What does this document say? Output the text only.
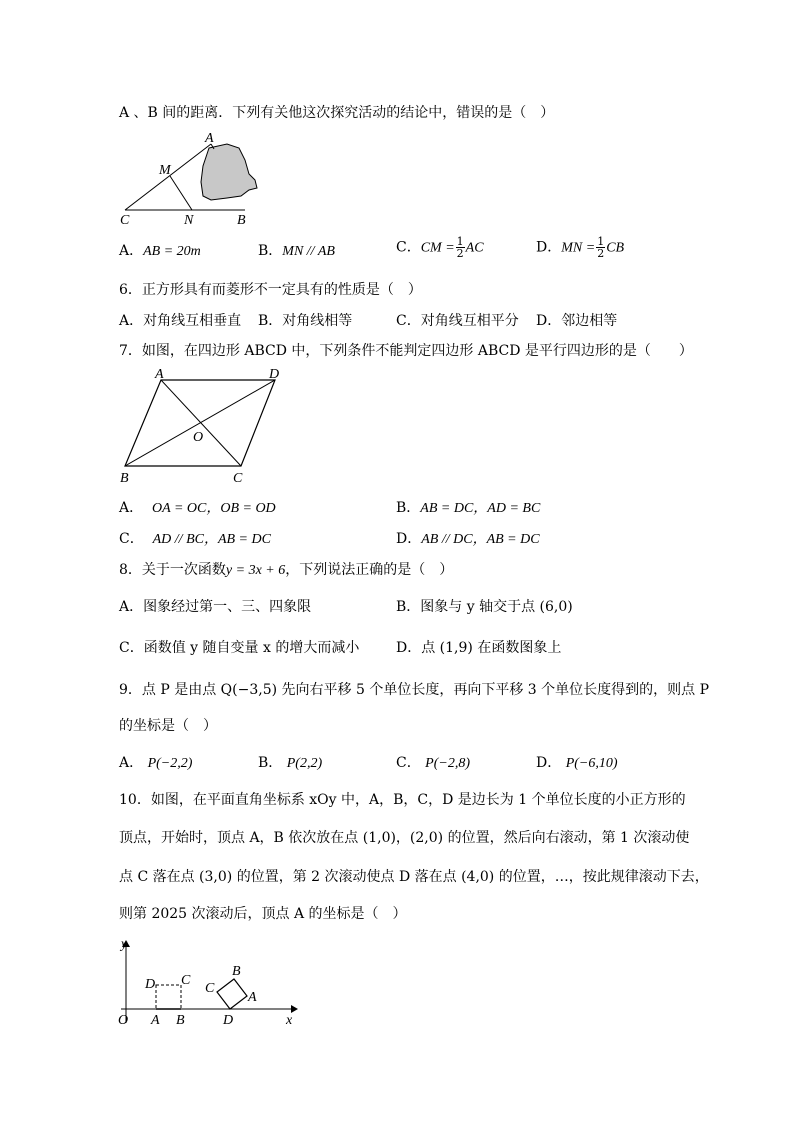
A 、B 间的距离．下列有关他这次探究活动的结论中，错误的是（　）
A
M
C	N	B
A．AB = 20m	B．MN // AB	C．CM = $\frac{1}{2}$ AC	D．MN = $\frac{1}{2}$ CB
6．正方形具有而菱形不一定具有的性质是（　）
A．对角线互相垂直 B．对角线相等	C．对角线互相平分 D．邻边相等
7．如图，在四边形 ABCD 中，下列条件不能判定四边形 ABCD 是平行四边形的是（　　）
A	D
O
B	C
A． OA = OC，OB = OD	B．AB = DC，AD = BC
C． AD // BC，AB = DC	D．AB // DC，AB = DC
8．关于一次函数y = 3x + 6，下列说法正确的是（　）
A．图象经过第一、三、四象限	B．图象与 y 轴交于点 (6,0)
C．函数值 y 随自变量 x 的增大而减小	D．点 (1,9) 在函数图象上
9．点 P 是由点 Q(−3,5) 先向右平移 5 个单位长度，再向下平移 3 个单位长度得到的，则点 P
的坐标是（　）
A． P(−2,2)	B． P(2,2)	C． P(−2,8)	D． P(−6,10)
10．如图，在平面直角坐标系 xOy 中，A，B，C，D 是边长为 1 个单位长度的小正方形的
顶点，开始时，顶点 A，B 依次放在点 (1,0)，(2,0) 的位置，然后向右滚动，第 1 次滚动使
点 C 落在点 (3,0) 的位置，第 2 次滚动使点 D 落在点 (4,0) 的位置，…，按此规律滚动下去，
则第 2025 次滚动后，顶点 A 的坐标是（　）
y
x
O A B
D C
B
C
A
D
